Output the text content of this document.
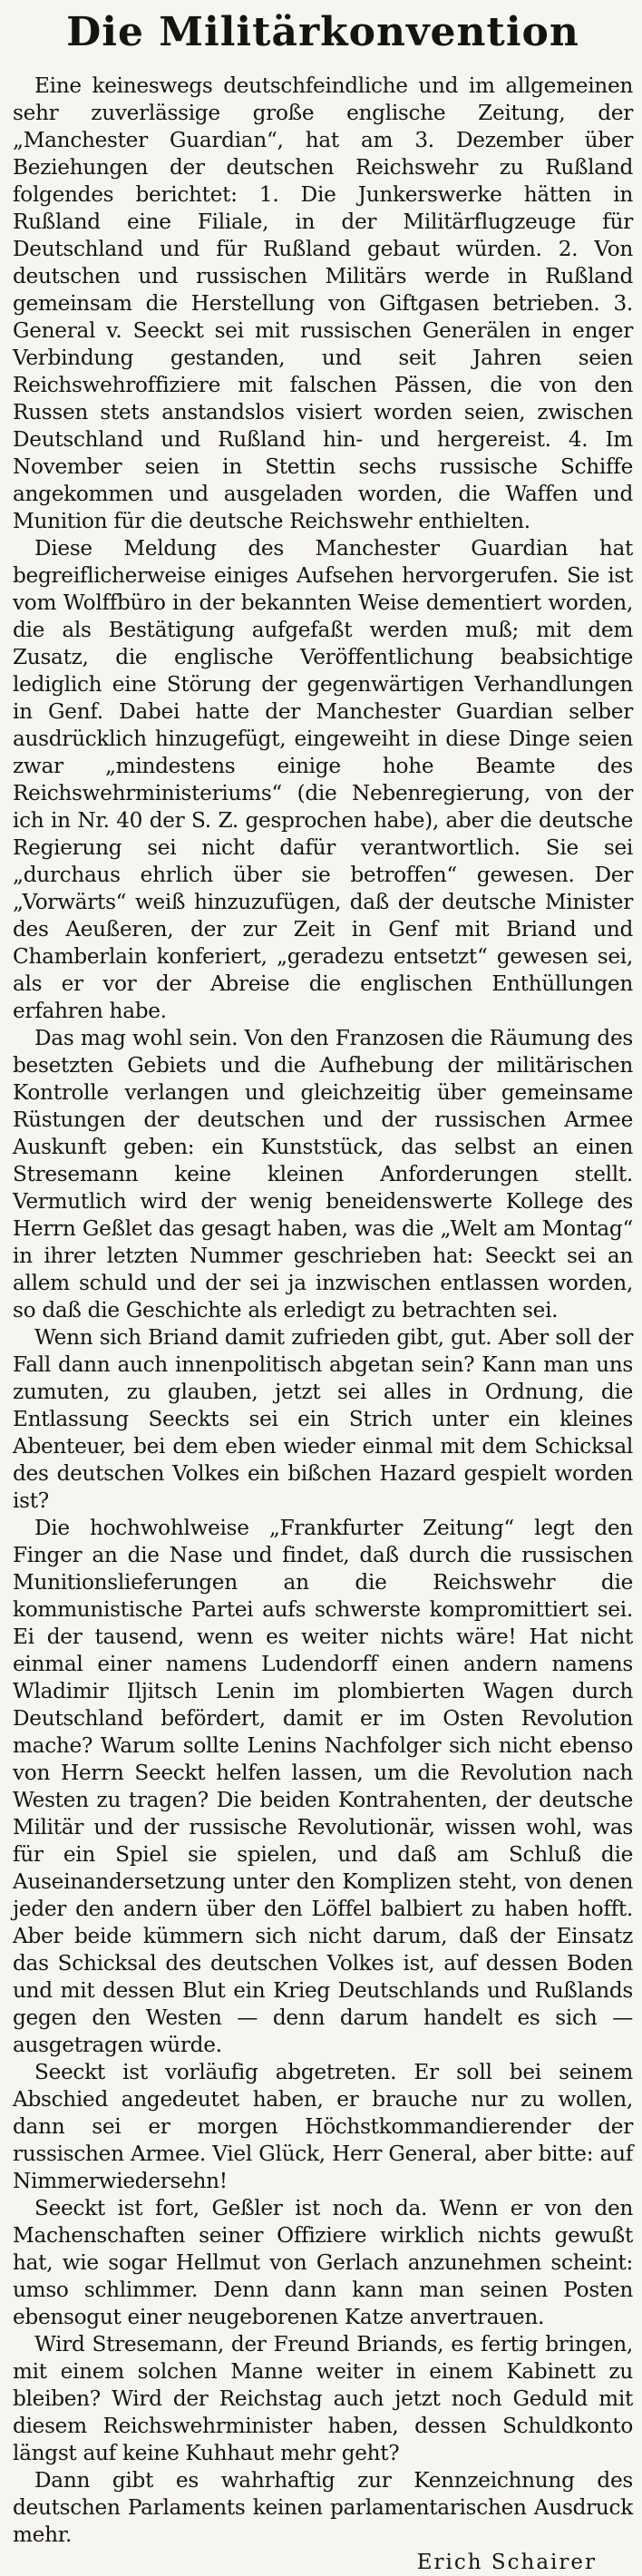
Die Militärkonvention

Eine keineswegs deutschfeindliche und im allgemeinen sehr zuverlässige große englische Zeitung, der „Manchester Guardian“, hat am 3. Dezember über Beziehungen der deutschen Reichswehr zu Rußland folgendes berichtet: 1. Die Junkerswerke hätten in Rußland eine Filiale, in der Militärflugzeuge für Deutschland und für Rußland gebaut würden. 2. Von deutschen und russischen Militärs werde in Rußland gemeinsam die Herstellung von Giftgasen betrieben. 3. General v. Seeckt sei mit russischen Generälen in enger Verbindung gestanden, und seit Jahren seien Reichswehroffiziere mit falschen Pässen, die von den Russen stets anstandslos visiert worden seien, zwischen Deutschland und Rußland hin- und hergereist. 4. Im November seien in Stettin sechs russische Schiffe angekommen und ausgeladen worden, die Waffen und Munition für die deutsche Reichswehr enthielten.

Diese Meldung des Manchester Guardian hat begreiflicherweise einiges Aufsehen hervorgerufen. Sie ist vom Wolffbüro in der bekannten Weise dementiert worden, die als Bestätigung aufgefaßt werden muß; mit dem Zusatz, die englische Veröffentlichung beabsichtige lediglich eine Störung der gegenwärtigen Verhandlungen in Genf. Dabei hatte der Manchester Guardian selber ausdrücklich hinzugefügt, eingeweiht in diese Dinge seien zwar „mindestens einige hohe Beamte des Reichswehrministeriums“ (die Nebenregierung, von der ich in Nr. 40 der S. Z. gesprochen habe), aber die deutsche Regierung sei nicht dafür verantwortlich. Sie sei „durchaus ehrlich über sie betroffen“ gewesen. Der „Vorwärts“ weiß hinzuzufügen, daß der deutsche Minister des Aeußeren, der zur Zeit in Genf mit Briand und Chamberlain konferiert, „geradezu entsetzt“ gewesen sei, als er vor der Abreise die englischen Enthüllungen erfahren habe.

Das mag wohl sein. Von den Franzosen die Räumung des besetzten Gebiets und die Aufhebung der militärischen Kontrolle verlangen und gleichzeitig über gemeinsame Rüstungen der deutschen und der russischen Armee Auskunft geben: ein Kunststück, das selbst an einen Stresemann keine kleinen Anforderungen stellt. Vermutlich wird der wenig beneidenswerte Kollege des Herrn Geßlet das gesagt haben, was die „Welt am Montag“ in ihrer letzten Nummer geschrieben hat: Seeckt sei an allem schuld und der sei ja inzwischen entlassen worden, so daß die Geschichte als erledigt zu betrachten sei.

Wenn sich Briand damit zufrieden gibt, gut. Aber soll der Fall dann auch innenpolitisch abgetan sein? Kann man uns zumuten, zu glauben, jetzt sei alles in Ordnung, die Entlassung Seeckts sei ein Strich unter ein kleines Abenteuer, bei dem eben wieder einmal mit dem Schicksal des deutschen Volkes ein bißchen Hazard gespielt worden ist?

Die hochwohlweise „Frankfurter Zeitung“ legt den Finger an die Nase und findet, daß durch die russischen Munitionslieferungen an die Reichswehr die kommunistische Partei aufs schwerste kompromittiert sei. Ei der tausend, wenn es weiter nichts wäre! Hat nicht einmal einer namens Ludendorff einen andern namens Wladimir Iljitsch Lenin im plombierten Wagen durch Deutschland befördert, damit er im Osten Revolution mache? Warum sollte Lenins Nachfolger sich nicht ebenso von Herrn Seeckt helfen lassen, um die Revolution nach Westen zu tragen? Die beiden Kontrahenten, der deutsche Militär und der russische Revolutionär, wissen wohl, was für ein Spiel sie spielen, und daß am Schluß die Auseinandersetzung unter den Komplizen steht, von denen jeder den andern über den Löffel balbiert zu haben hofft. Aber beide kümmern sich nicht darum, daß der Einsatz das Schicksal des deutschen Volkes ist, auf dessen Boden und mit dessen Blut ein Krieg Deutschlands und Rußlands gegen den Westen — denn darum handelt es sich — ausgetragen würde.

Seeckt ist vorläufig abgetreten. Er soll bei seinem Abschied angedeutet haben, er brauche nur zu wollen, dann sei er morgen Höchstkommandierender der russischen Armee. Viel Glück, Herr General, aber bitte: auf Nimmerwiedersehn!

Seeckt ist fort, Geßler ist noch da. Wenn er von den Machenschaften seiner Offiziere wirklich nichts gewußt hat, wie sogar Hellmut von Gerlach anzunehmen scheint: umso schlimmer. Denn dann kann man seinen Posten ebensogut einer neugeborenen Katze anvertrauen.

Wird Stresemann, der Freund Briands, es fertig bringen, mit einem solchen Manne weiter in einem Kabinett zu bleiben? Wird der Reichstag auch jetzt noch Geduld mit diesem Reichswehrminister haben, dessen Schuldkonto längst auf keine Kuhhaut mehr geht?

Dann gibt es wahrhaftig zur Kennzeichnung des deutschen Parlaments keinen parlamentarischen Ausdruck mehr.

Erich Schairer
